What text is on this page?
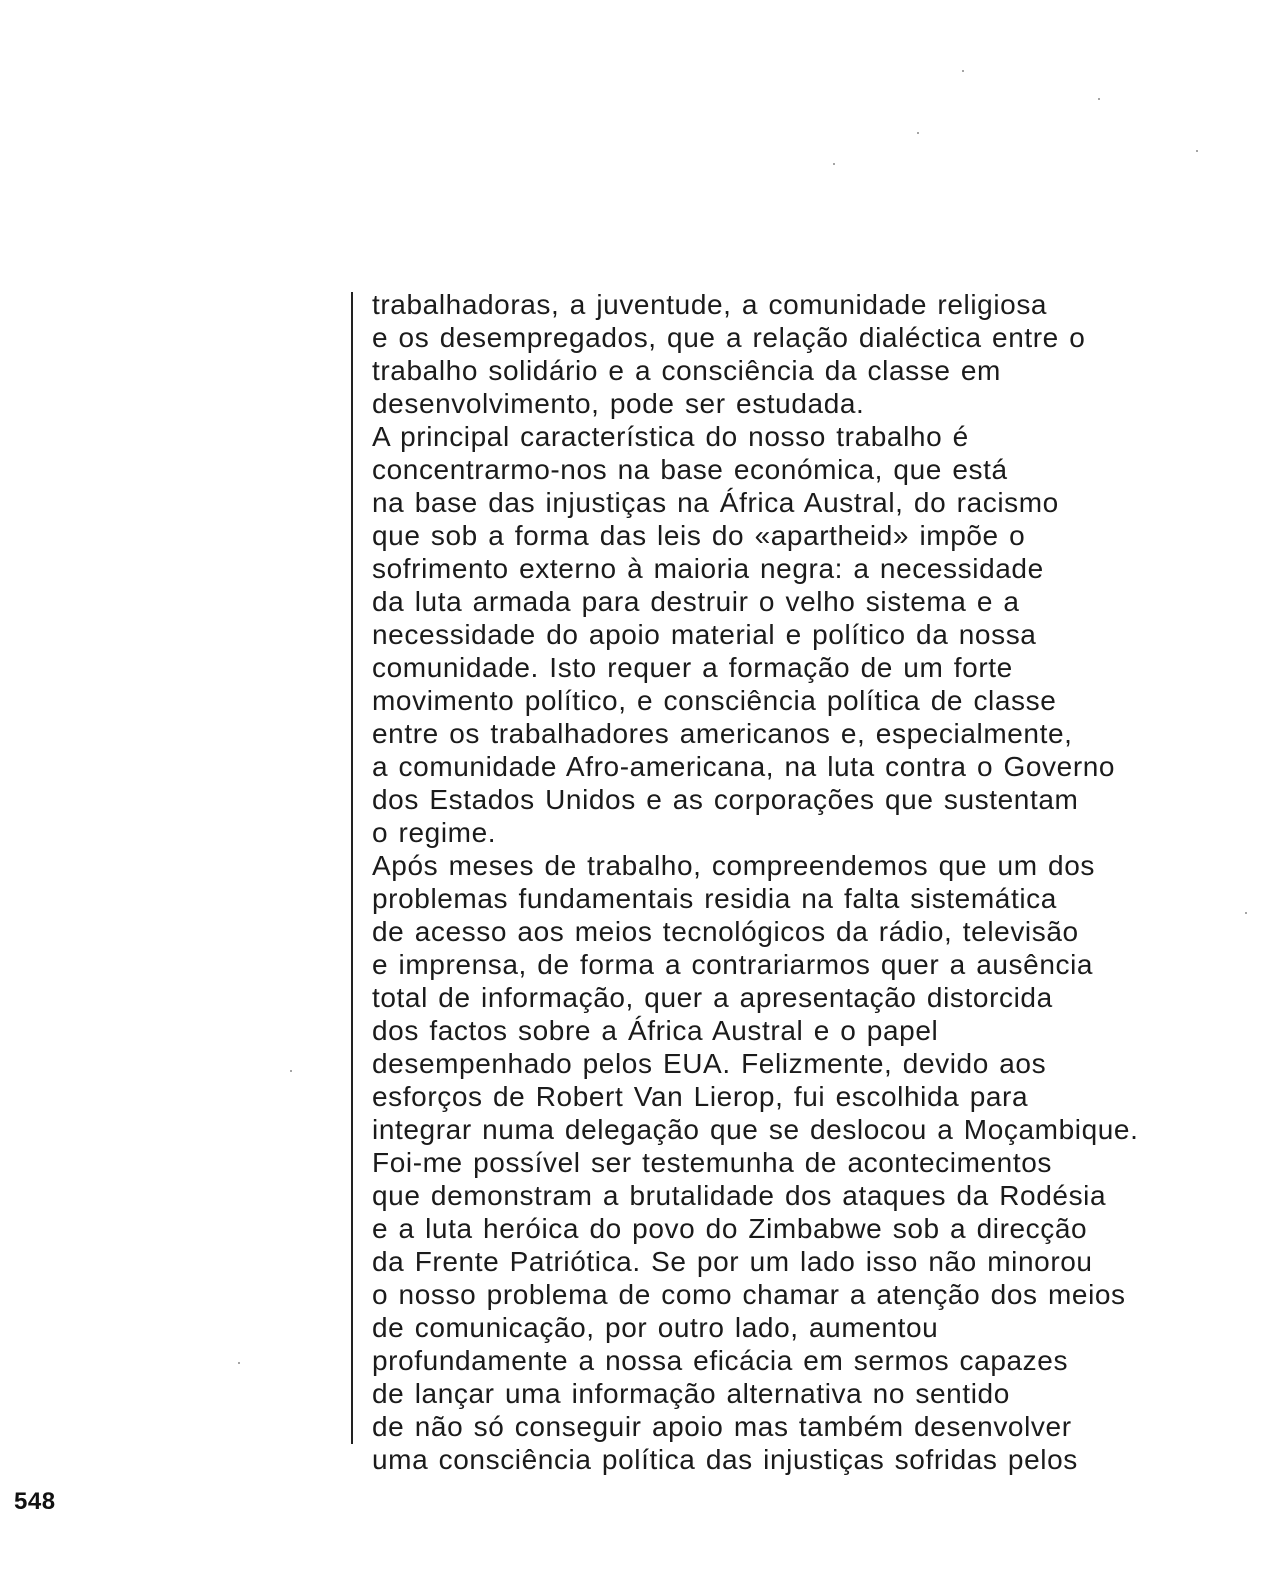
trabalhadoras, a juventude, a comunidade religiosa
e os desempregados, que a relação dialéctica entre o
trabalho solidário e a consciência da classe em
desenvolvimento, pode ser estudada.
A principal característica do nosso trabalho é
concentrarmo-nos na base económica, que está
na base das injustiças na África Austral, do racismo
que sob a forma das leis do «apartheid» impõe o
sofrimento externo à maioria negra: a necessidade
da luta armada para destruir o velho sistema e a
necessidade do apoio material e político da nossa
comunidade. Isto requer a formação de um forte
movimento político, e consciência política de classe
entre os trabalhadores americanos e, especialmente,
a comunidade Afro-americana, na luta contra o Governo
dos Estados Unidos e as corporações que sustentam
o regime.
Após meses de trabalho, compreendemos que um dos
problemas fundamentais residia na falta sistemática
de acesso aos meios tecnológicos da rádio, televisão
e imprensa, de forma a contrariarmos quer a ausência
total de informação, quer a apresentação distorcida
dos factos sobre a África Austral e o papel
desempenhado pelos EUA. Felizmente, devido aos
esforços de Robert Van Lierop, fui escolhida para
integrar numa delegação que se deslocou a Moçambique.
Foi-me possível ser testemunha de acontecimentos
que demonstram a brutalidade dos ataques da Rodésia
e a luta heróica do povo do Zimbabwe sob a direcção
da Frente Patriótica. Se por um lado isso não minorou
o nosso problema de como chamar a atenção dos meios
de comunicação, por outro lado, aumentou
profundamente a nossa eficácia em sermos capazes
de lançar uma informação alternativa no sentido
de não só conseguir apoio mas também desenvolver
uma consciência política das injustiças sofridas pelos
548
